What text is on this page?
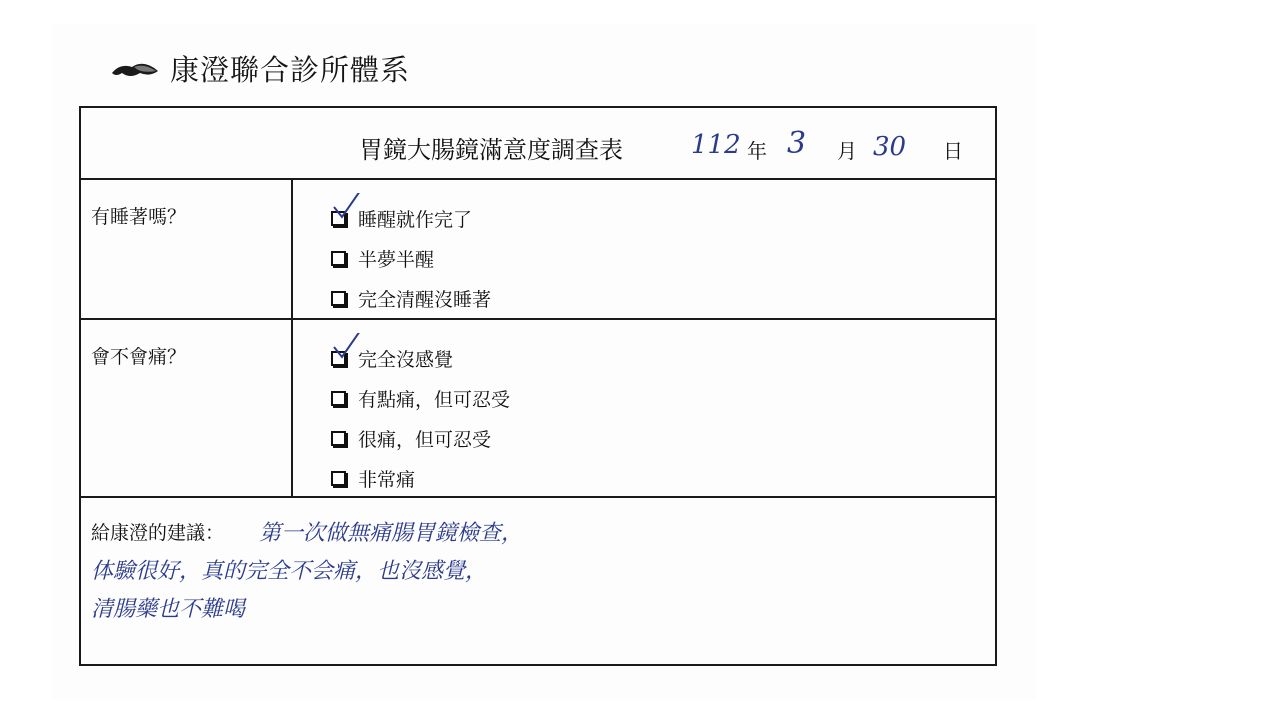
康澄聯合診所體系
胃鏡大腸鏡滿意度調查表	112 年 3 月 30 日
有睡著嗎？	睡醒就作完了
半夢半醒
完全清醒沒睡著
會不會痛？	完全沒感覺
有點痛，但可忍受
很痛，但可忍受
非常痛
給康澄的建議： 第一次做無痛腸胃鏡檢查，
体驗很好，真的完全不会痛，也沒感覺，
清腸藥也不難喝
